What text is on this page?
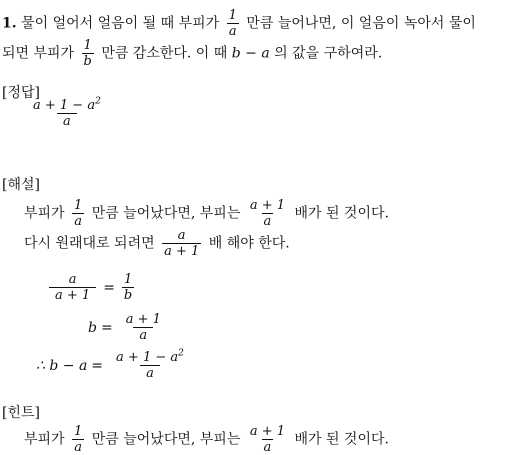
1. 물이 얼어서 얼음이 될 때 부피가 $\frac{1}{a}$ 만큼 늘어나면, 이 얼음이 녹아서 물이
되면 부피가 $\frac{1}{b}$ 만큼 감소한다. 이 때 b − a 의 값을 구하여라.
[정답]
$\frac{a + 1 - a^2}{a}$
[해설]
부피가 $\frac{1}{a}$ 만큼 늘어났다면, 부피는 $\frac{a + 1}{a}$ 배가 된 것이다.
다시 원래대로 되려면 $\frac{a}{a + 1}$ 배 해야 한다.
$\frac{a}{a + 1} = \frac{1}{b}$
$b = \frac{a + 1}{a}$
∴ $b - a = \frac{a + 1 - a^2}{a}$
[힌트]
부피가 $\frac{1}{a}$ 만큼 늘어났다면, 부피는 $\frac{a + 1}{a}$ 배가 된 것이다.
